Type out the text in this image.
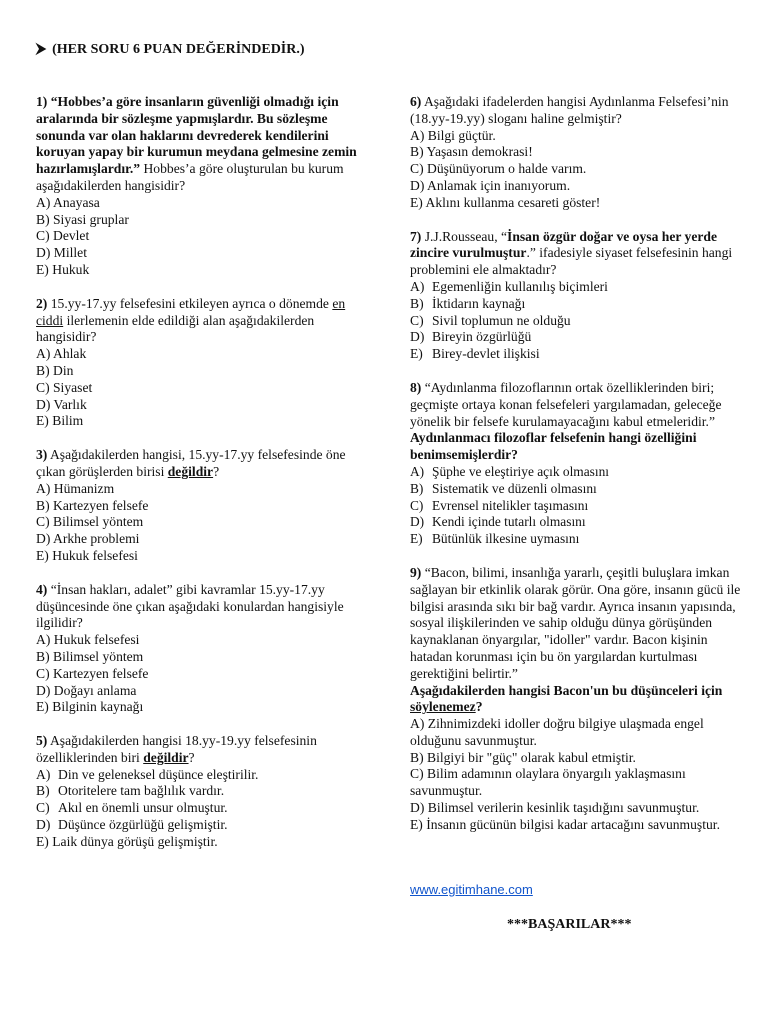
⮞ (HER SORU 6 PUAN DEĞERİNDEDİR.)
1) “Hobbes’a göre insanların güvenliği olmadığı için aralarında bir sözleşme yapmışlardır. Bu sözleşme sonunda var olan haklarını devrederek kendilerini koruyan yapay bir kurumun meydana gelmesine zemin hazırlamışlardır.” Hobbes’a göre oluşturulan bu kurum aşağıdakilerden hangisidir?
A) Anayasa
B) Siyasi gruplar
C) Devlet
D) Millet
E) Hukuk
2) 15.yy-17.yy felsefesini etkileyen ayrıca o dönemde en ciddi ilerlemenin elde edildiği alan aşağıdakilerden hangisidir?
A) Ahlak
B) Din
C) Siyaset
D) Varlık
E) Bilim
3) Aşağıdakilerden hangisi, 15.yy-17.yy felsefesinde öne çıkan görüşlerden birisi değildir?
A) Hümanizm
B) Kartezyen felsefe
C) Bilimsel yöntem
D) Arkhe problemi
E) Hukuk felsefesi
4) “İnsan hakları, adalet” gibi kavramlar 15.yy-17.yy düşüncesinde öne çıkan aşağıdaki konulardan hangisiyle ilgilidir?
A) Hukuk felsefesi
B) Bilimsel yöntem
C) Kartezyen felsefe
D) Doğayı anlama
E) Bilginin kaynağı
5) Aşağıdakilerden hangisi 18.yy-19.yy felsefesinin özelliklerinden biri değildir?
A) Din ve geleneksel düşünce eleştirilir.
B) Otoritelere tam bağlılık vardır.
C) Akıl en önemli unsur olmuştur.
D) Düşünce özgürlüğü gelişmiştir.
E) Laik dünya görüşü gelişmiştir.
6) Aşağıdaki ifadelerden hangisi Aydınlanma Felsefesi’nin (18.yy-19.yy) sloganı haline gelmiştir?
A) Bilgi güçtür.
B) Yaşasın demokrasi!
C) Düşünüyorum o halde varım.
D) Anlamak için inanıyorum.
E) Aklını kullanma cesareti göster!
7) J.J.Rousseau, “İnsan özgür doğar ve oysa her yerde zincire vurulmuştur.” ifadesiyle siyaset felsefesinin hangi problemini ele almaktadır?
A) Egemenliğin kullanılış biçimleri
B) İktidarın kaynağı
C) Sivil toplumun ne olduğu
D) Bireyin özgürlüğü
E) Birey-devlet ilişkisi
8) “Aydınlanma filozoflarının ortak özelliklerinden biri; geçmişte ortaya konan felsefeleri yargılamadan, geleceğe yönelik bir felsefe kurulamayacağını kabul etmeleridir.” Aydınlanmacı filozoflar felsefenin hangi özelliğini benimsemişlerdir?
A) Şüphe ve eleştiriye açık olmasını
B) Sistematik ve düzenli olmasını
C) Evrensel nitelikler taşımasını
D) Kendi içinde tutarlı olmasını
E) Bütünlük ilkesine uymasını
9) “Bacon, bilimi, insanlığa yararlı, çeşitli buluşlara imkan sağlayan bir etkinlik olarak görür. Ona göre, insanın gücü ile bilgisi arasında sıkı bir bağ vardır. Ayrıca insanın yapısında, sosyal ilişkilerinden ve sahip olduğu dünya görüşünden kaynaklanan önyargılar, "idoller" vardır. Bacon kişinin hatadan korunması için bu ön yargılardan kurtulması gerektiğini belirtir.”
Aşağıdakilerden hangisi Bacon'un bu düşünceleri için söylenemez?
A) Zihnimizdeki idoller doğru bilgiye ulaşmada engel olduğunu savunmuştur.
B) Bilgiyi bir "güç" olarak kabul etmiştir.
C) Bilim adamının olaylara önyargılı yaklaşmasını savunmuştur.
D) Bilimsel verilerin kesinlik taşıdığını savunmuştur.
E) İnsanın gücünün bilgisi kadar artacağını savunmuştur.
www.egitimhane.com
***BAŞARILAR***
